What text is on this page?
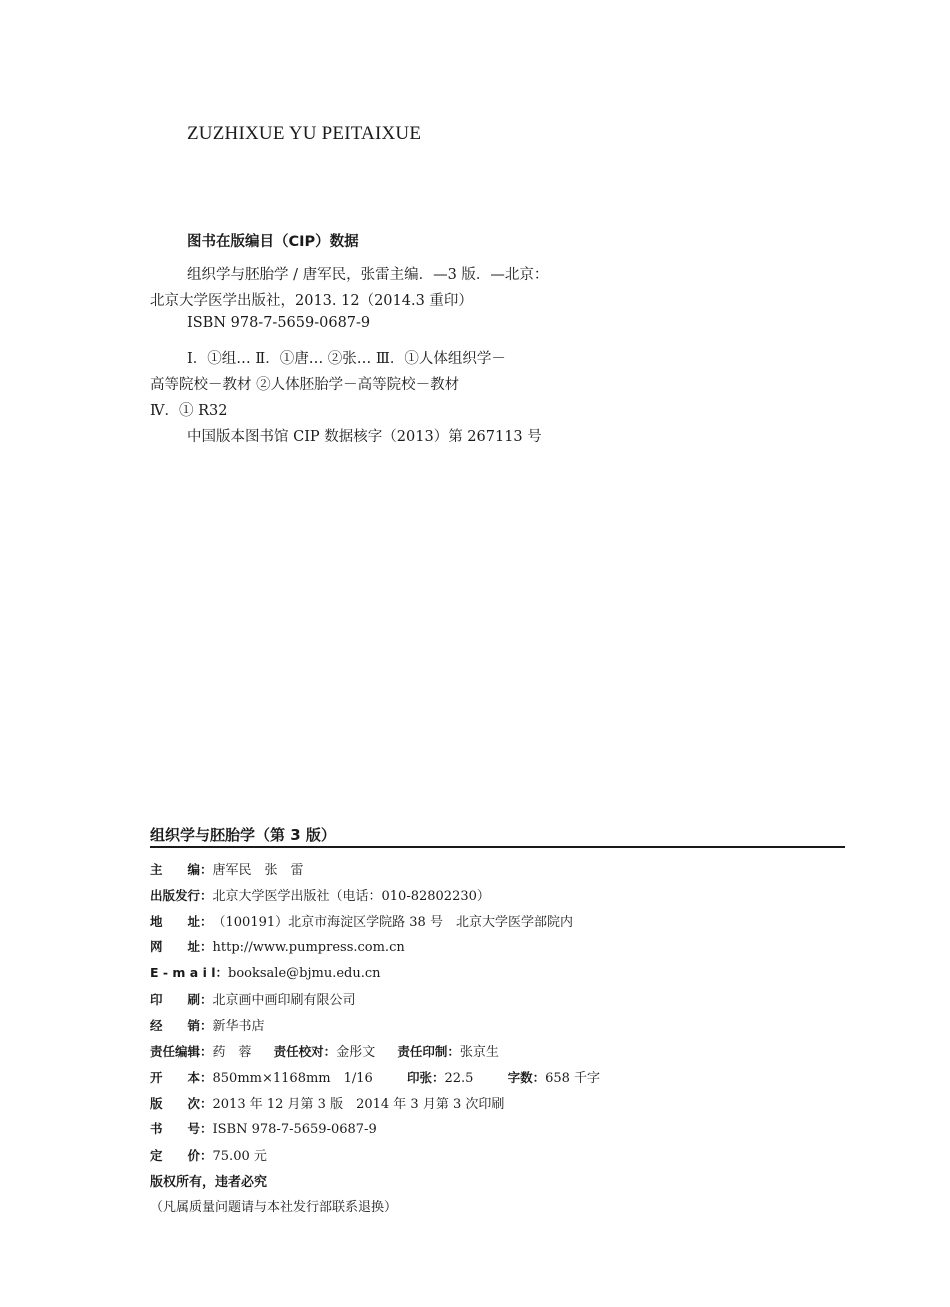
ZUZHIXUE YU PEITAIXUE
图书在版编目（CIP）数据
组织学与胚胎学 / 唐军民，张雷主编．—3 版．—北京：
北京大学医学出版社，2013. 12（2014.3 重印）
ISBN 978-7-5659-0687-9
Ⅰ．①组… Ⅱ．①唐… ②张… Ⅲ．①人体组织学－
高等院校－教材 ②人体胚胎学－高等院校－教材
Ⅳ．① R32
中国版本图书馆 CIP 数据核字（2013）第 267113 号
组织学与胚胎学（第 3 版）
主　　编：唐军民　张　雷
出版发行：北京大学医学出版社（电话：010-82802230）
地　　址：（100191）北京市海淀区学院路 38 号　北京大学医学部院内
网　　址：http://www.pumpress.com.cn
E - m a i l：booksale@bjmu.edu.cn
印　　刷：北京画中画印刷有限公司
经　　销：新华书店
责任编辑：药　蓉 责任校对：金彤文 责任印制：张京生
开　　本：850mm×1168mm　1/16	印张：22.5	字数：658 千字
版　　次：2013 年 12 月第 3 版　2014 年 3 月第 3 次印刷
书　　号：ISBN 978-7-5659-0687-9
定　　价：75.00 元
版权所有，违者必究
（凡属质量问题请与本社发行部联系退换）
